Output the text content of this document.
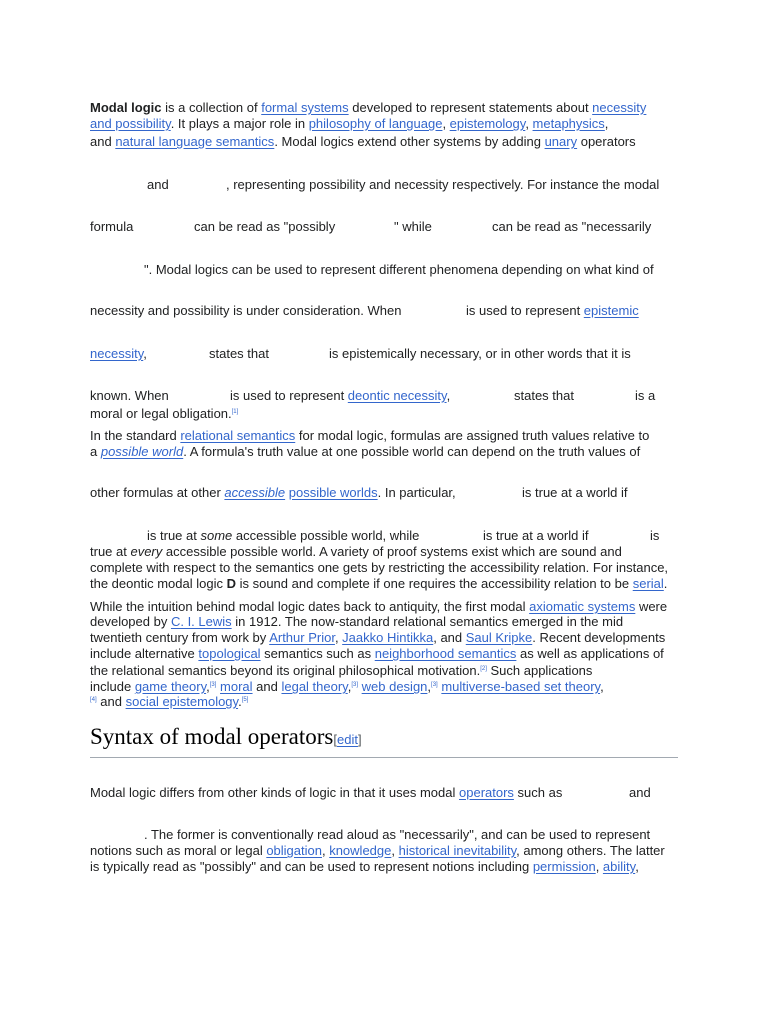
Modal logic is a collection of formal systems developed to represent statements about necessity
and possibility. It plays a major role in philosophy of language, epistemology, metaphysics,
and natural language semantics. Modal logics extend other systems by adding unary operators
and	, representing possibility and necessity respectively. For instance the modal
formula	can be read as "possibly	" while	can be read as "necessarily
". Modal logics can be used to represent different phenomena depending on what kind of
necessity and possibility is under consideration. When	is used to represent epistemic
necessity,	states that	is epistemically necessary, or in other words that it is
known. When	is used to represent deontic necessity,	states that	is a
moral or legal obligation.[1]
In the standard relational semantics for modal logic, formulas are assigned truth values relative to
a possible world. A formula's truth value at one possible world can depend on the truth values of
other formulas at other accessible possible worlds. In particular,	is true at a world if
is true at some accessible possible world, while	is true at a world if	is
true at every accessible possible world. A variety of proof systems exist which are sound and
complete with respect to the semantics one gets by restricting the accessibility relation. For instance,
the deontic modal logic D is sound and complete if one requires the accessibility relation to be serial.
While the intuition behind modal logic dates back to antiquity, the first modal axiomatic systems were
developed by C. I. Lewis in 1912. The now-standard relational semantics emerged in the mid
twentieth century from work by Arthur Prior, Jaakko Hintikka, and Saul Kripke. Recent developments
include alternative topological semantics such as neighborhood semantics as well as applications of
the relational semantics beyond its original philosophical motivation.[2] Such applications
include game theory,[3] moral and legal theory,[3] web design,[3] multiverse-based set theory,
[4] and social epistemology.[5]
Syntax of modal operators[edit]
Modal logic differs from other kinds of logic in that it uses modal operators such as	and
. The former is conventionally read aloud as "necessarily", and can be used to represent
notions such as moral or legal obligation, knowledge, historical inevitability, among others. The latter
is typically read as "possibly" and can be used to represent notions including permission, ability,
